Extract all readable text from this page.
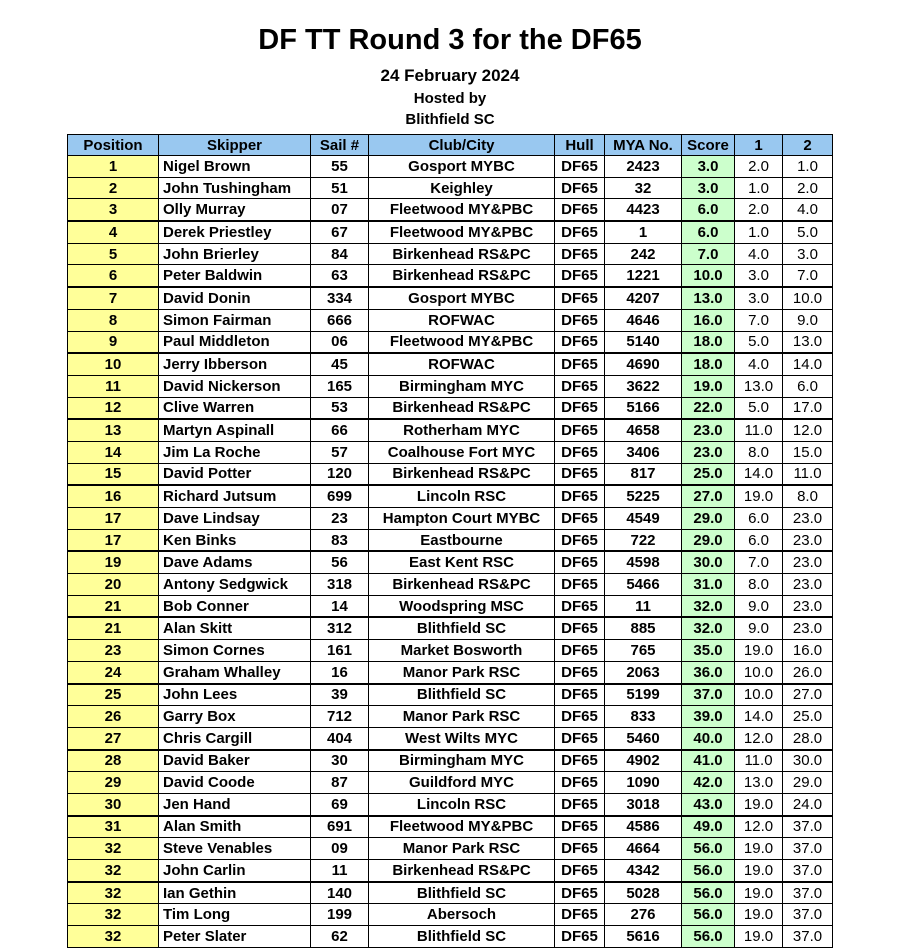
DF TT Round 3 for the DF65
24 February 2024
Hosted by
Blithfield SC
Position	Skipper	Sail #	Club/City	Hull	MYA No.	Score	1	2
1	Nigel Brown	55	Gosport MYBC	DF65	2423	3.0	2.0	1.0
2	John Tushingham	51	Keighley	DF65	32	3.0	1.0	2.0
3	Olly Murray	07	Fleetwood MY&PBC	DF65	4423	6.0	2.0	4.0
4	Derek Priestley	67	Fleetwood MY&PBC	DF65	1	6.0	1.0	5.0
5	John Brierley	84	Birkenhead RS&PC	DF65	242	7.0	4.0	3.0
6	Peter Baldwin	63	Birkenhead RS&PC	DF65	1221	10.0	3.0	7.0
7	David Donin	334	Gosport MYBC	DF65	4207	13.0	3.0	10.0
8	Simon Fairman	666	ROFWAC	DF65	4646	16.0	7.0	9.0
9	Paul Middleton	06	Fleetwood MY&PBC	DF65	5140	18.0	5.0	13.0
10	Jerry Ibberson	45	ROFWAC	DF65	4690	18.0	4.0	14.0
11	David Nickerson	165	Birmingham MYC	DF65	3622	19.0	13.0	6.0
12	Clive Warren	53	Birkenhead RS&PC	DF65	5166	22.0	5.0	17.0
13	Martyn Aspinall	66	Rotherham MYC	DF65	4658	23.0	11.0	12.0
14	Jim La Roche	57	Coalhouse Fort MYC	DF65	3406	23.0	8.0	15.0
15	David Potter	120	Birkenhead RS&PC	DF65	817	25.0	14.0	11.0
16	Richard Jutsum	699	Lincoln RSC	DF65	5225	27.0	19.0	8.0
17	Dave Lindsay	23	Hampton Court MYBC	DF65	4549	29.0	6.0	23.0
17	Ken Binks	83	Eastbourne	DF65	722	29.0	6.0	23.0
19	Dave Adams	56	East Kent RSC	DF65	4598	30.0	7.0	23.0
20	Antony Sedgwick	318	Birkenhead RS&PC	DF65	5466	31.0	8.0	23.0
21	Bob Conner	14	Woodspring MSC	DF65	11	32.0	9.0	23.0
21	Alan Skitt	312	Blithfield SC	DF65	885	32.0	9.0	23.0
23	Simon Cornes	161	Market Bosworth	DF65	765	35.0	19.0	16.0
24	Graham Whalley	16	Manor Park RSC	DF65	2063	36.0	10.0	26.0
25	John Lees	39	Blithfield SC	DF65	5199	37.0	10.0	27.0
26	Garry Box	712	Manor Park RSC	DF65	833	39.0	14.0	25.0
27	Chris Cargill	404	West Wilts MYC	DF65	5460	40.0	12.0	28.0
28	David Baker	30	Birmingham MYC	DF65	4902	41.0	11.0	30.0
29	David Coode	87	Guildford MYC	DF65	1090	42.0	13.0	29.0
30	Jen Hand	69	Lincoln RSC	DF65	3018	43.0	19.0	24.0
31	Alan Smith	691	Fleetwood MY&PBC	DF65	4586	49.0	12.0	37.0
32	Steve Venables	09	Manor Park RSC	DF65	4664	56.0	19.0	37.0
32	John Carlin	11	Birkenhead RS&PC	DF65	4342	56.0	19.0	37.0
32	Ian Gethin	140	Blithfield SC	DF65	5028	56.0	19.0	37.0
32	Tim Long	199	Abersoch	DF65	276	56.0	19.0	37.0
32	Peter Slater	62	Blithfield SC	DF65	5616	56.0	19.0	37.0
